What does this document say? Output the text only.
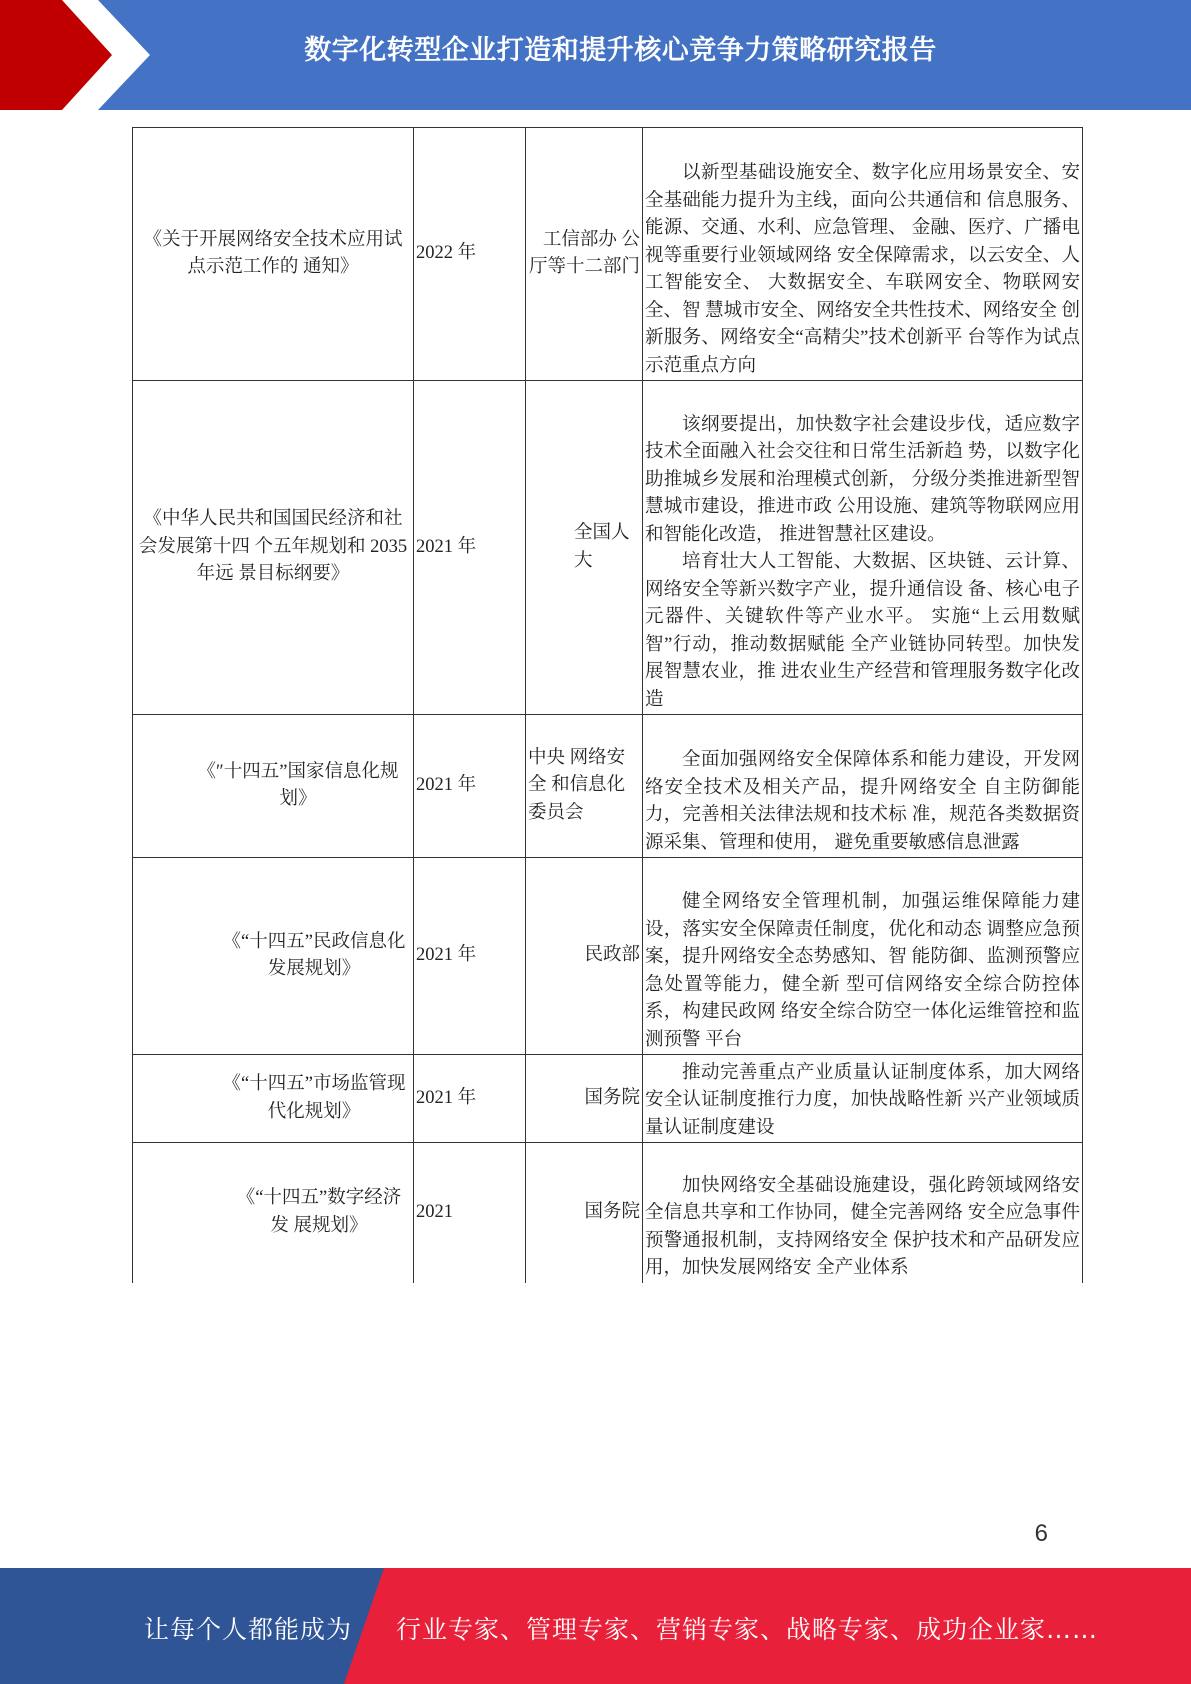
数字化转型企业打造和提升核心竞争力策略研究报告
《关于开展网络安全技术应用试点示范工作的 通知》	2022 年	工信部办 公厅等十二部门	以新型基础设施安全、数字化应用场景安全、安全基础能力提升为主线，面向公共通信和 信息服务、能源、交通、水利、应急管理、 金融、医疗、广播电视等重要行业领域网络 安全保障需求，以云安全、人工智能安全、 大数据安全、车联网安全、物联网安全、智 慧城市安全、网络安全共性技术、网络安全 创新服务、网络安全“高精尖”技术创新平 台等作为试点示范重点方向

《中华人民共和国国民经济和社会发展第十四 个五年规划和 2035 年远 景目标纲要》	2021 年	全国人大	该纲要提出，加快数字社会建设步伐，适应数字技术全面融入社会交往和日常生活新趋 势，以数字化助推城乡发展和治理模式创新， 分级分类推进新型智慧城市建设，推进市政 公用设施、建筑等物联网应用和智能化改造， 推进智慧社区建设。

培育壮大人工智能、大数据、区块链、云计算、网络安全等新兴数字产业，提升通信设 备、核心电子元器件、关键软件等产业水平。 实施“上云用数赋智”行动，推动数据赋能 全产业链协同转型。加快发展智慧农业，推 进农业生产经营和管理服务数字化改造

《″十四五”国家信息化规划》	2021 年	中央 网络安全 和信息化 委员会	全面加强网络安全保障体系和能力建设，开发网络安全技术及相关产品，提升网络安全 自主防御能力，完善相关法律法规和技术标 准，规范各类数据资源采集、管理和使用， 避免重要敏感信息泄露

《“十四五”民政信息化 发展规划》	2021 年	民政部	健全网络安全管理机制，加强运维保障能力建设，落实安全保障责任制度，优化和动态 调整应急预案，提升网络安全态势感知、智 能防御、监测预警应急处置等能力，健全新 型可信网络安全综合防控体系，构建民政网 络安全综合防空一体化运维管控和监测预警 平台

《“十四五”市场监管现 代化规划》	2021 年	国务院	推动完善重点产业质量认证制度体系，加大网络安全认证制度推行力度，加快战略性新 兴产业领域质量认证制度建设

《“十四五”数字经济发 展规划》	2021	国务院	加快网络安全基础设施建设，强化跨领域网络安全信息共享和工作协同，健全完善网络 安全应急事件预警通报机制，支持网络安全 保护技术和产品研发应用，加快发展网络安 全产业体系

6
让每个人都能成为 行业专家、管理专家、营销专家、战略专家、成功企业家……
